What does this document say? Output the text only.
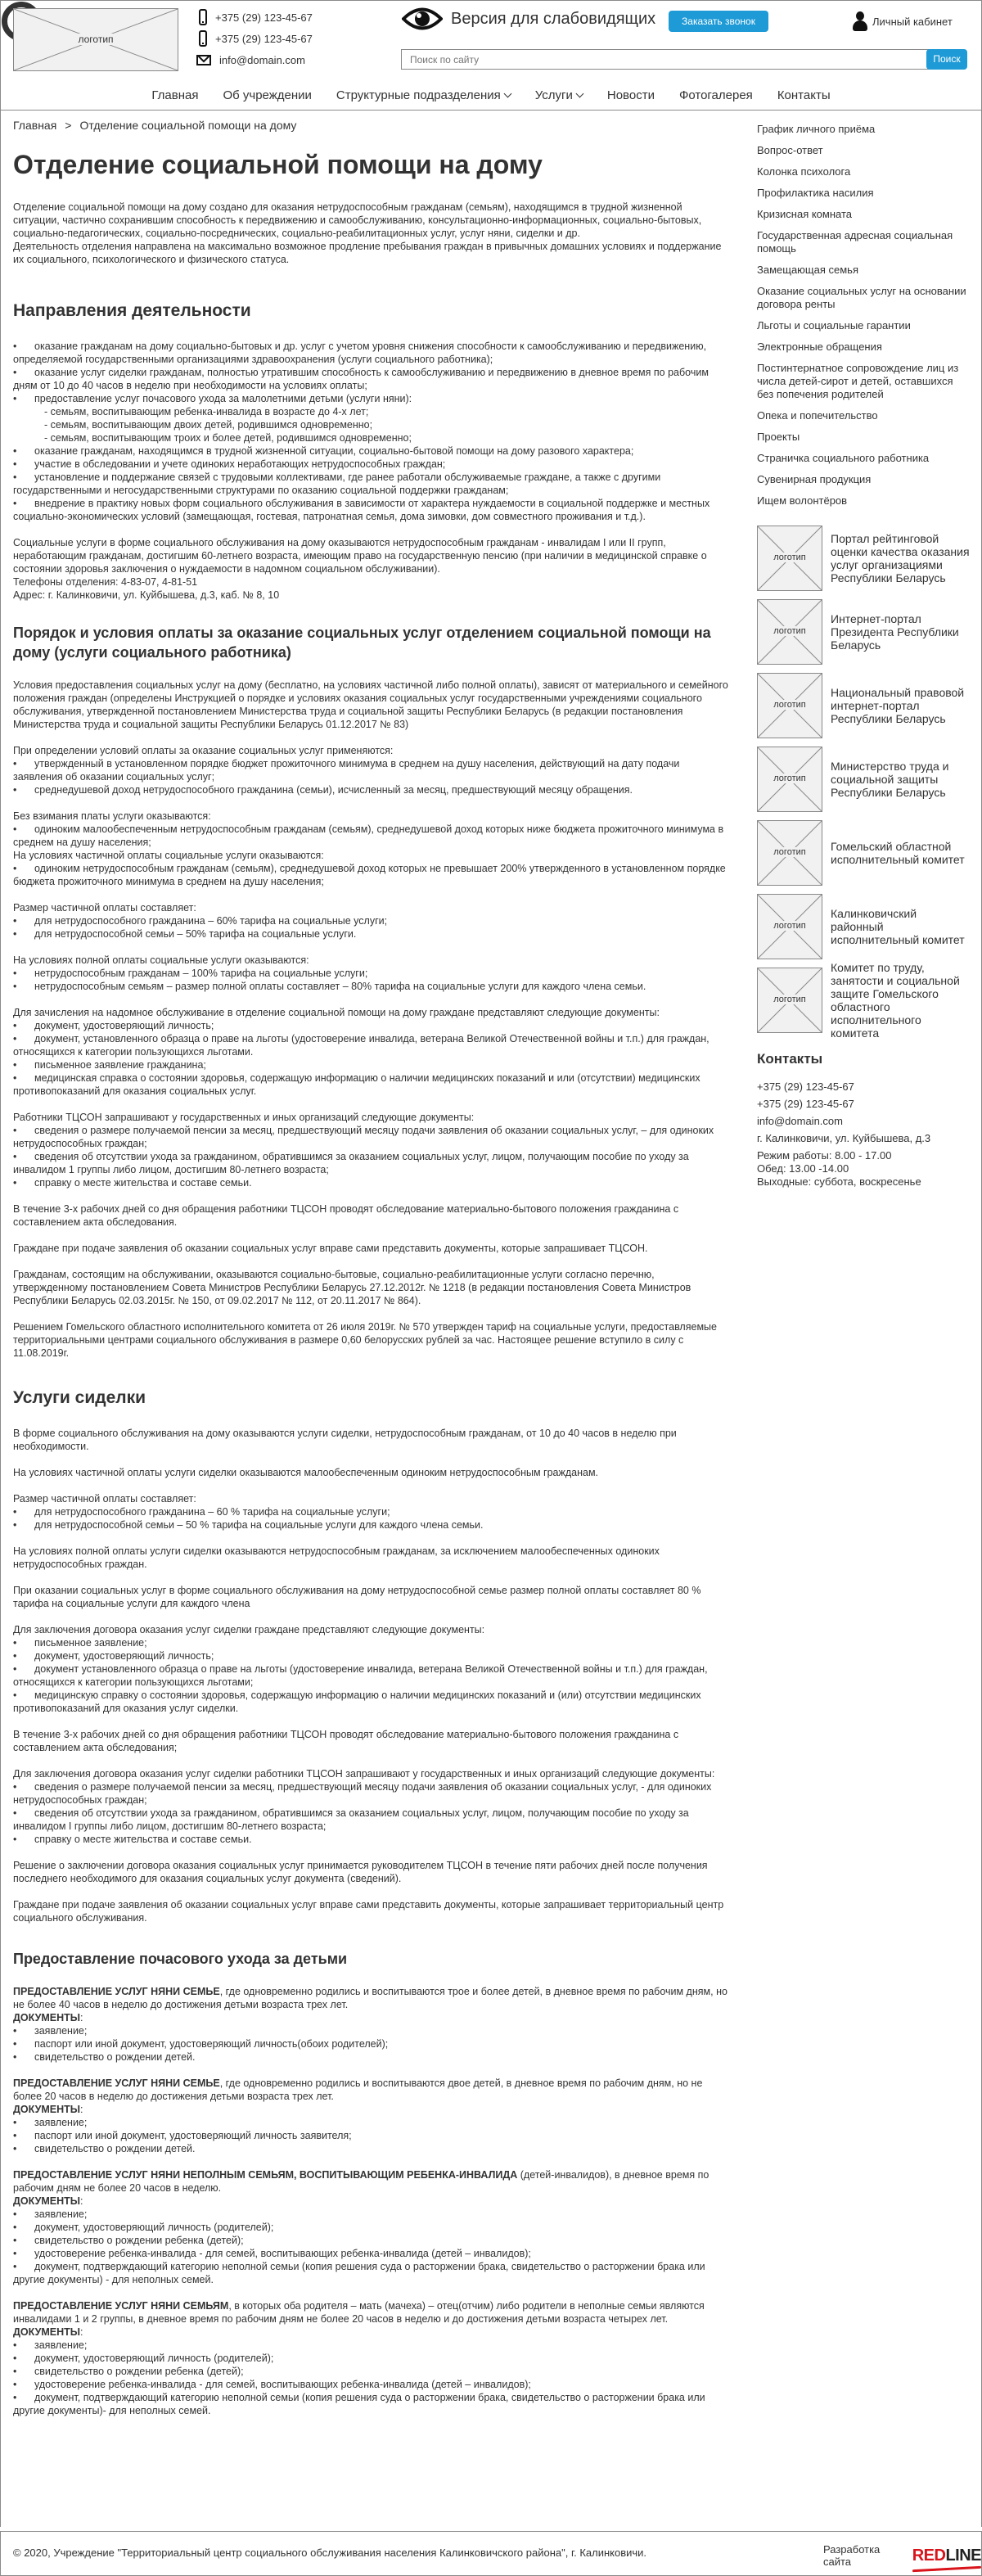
логотип
+375 (29) 123-45-67
+375 (29) 123-45-67
info@domain.com
Версия для слабовидящих	Заказать звонок	Личный кабинет
Поиск по сайту
Поиск
Главная Об учреждении Структурные подразделения	Услуги	Новости Фотогалерея Контакты
Главная > Отделение социальной помощи на дому
Отделение социальной помощи на дому
Отделение социальной помощи на дому создано для оказания нетрудоспособным гражданам (семьям), находящимся в трудной жизненной ситуации, частично сохранившим способность к передвижению и самообслуживанию, консультационно-информационных, социально-бытовых, социально-педагогических, социально-посреднических, социально-реабилитационных услуг, услуг няни, сиделки и др.
Деятельность отделения направлена на максимально возможное продление пребывания граждан в привычных домашних условиях и поддержание их социального, психологического и физического статуса.
Направления деятельности
• оказание гражданам на дому социально-бытовых и др. услуг с учетом уровня снижения способности к самообслуживанию и передвижению, определяемой государственными организациями здравоохранения (услуги социального работника);
• оказание услуг сиделки гражданам, полностью утратившим способность к самообслуживанию и передвижению в дневное время по рабочим дням от 10 до 40 часов в неделю при необходимости на условиях оплаты;
• предоставление услуг почасового ухода за малолетними детьми (услуги няни):
- семьям, воспитывающим ребенка-инвалида в возрасте до 4-х лет;
- семьям, воспитывающим двоих детей, родившимся одновременно;
- семьям, воспитывающим троих и более детей, родившимся одновременно;
• оказание гражданам, находящимся в трудной жизненной ситуации, социально-бытовой помощи на дому разового характера;
• участие в обследовании и учете одиноких неработающих нетрудоспособных граждан;
• установление и поддержание связей с трудовыми коллективами, где ранее работали обслуживаемые граждане, а также с другими государственными и негосударственными структурами по оказанию социальной поддержки гражданам;
• внедрение в практику новых форм социального обслуживания в зависимости от характера нуждаемости в социальной поддержке и местных социально-экономических условий (замещающая, гостевая, патронатная семья, дома зимовки, дом совместного проживания и т.д.).
Социальные услуги в форме социального обслуживания на дому оказываются нетрудоспособным гражданам - инвалидам I или II групп, неработающим гражданам, достигшим 60-летнего возраста, имеющим право на государственную пенсию (при наличии в медицинской справке о состоянии здоровья заключения о нуждаемости в надомном социальном обслуживании).
Телефоны отделения: 4-83-07, 4-81-51
Адрес: г. Калинковичи, ул. Куйбышева, д.3, каб. № 8, 10
Порядок и условия оплаты за оказание социальных услуг отделением социальной помощи на дому (услуги социального работника)

Условия предоставления социальных услуг на дому (бесплатно, на условиях частичной либо полной оплаты), зависят от материального и семейного положения граждан (определены Инструкцией о порядке и условиях оказания социальных услуг государственными учреждениями социального обслуживания, утвержденной постановлением Министерства труда и социальной защиты Республики Беларусь (в редакции постановления Министерства труда и социальной защиты Республики Беларусь 01.12.2017 № 83)

При определении условий оплаты за оказание социальных услуг применяются:
• утвержденный в установленном порядке бюджет прожиточного минимума в среднем на душу населения, действующий на дату подачи заявления об оказании социальных услуг;
• среднедушевой доход нетрудоспособного гражданина (семьи), исчисленный за месяц, предшествующий месяцу обращения.
Без взимания платы услуги оказываются:
• одиноким малообеспеченным нетрудоспособным гражданам (семьям), среднедушевой доход которых ниже бюджета прожиточного минимума в среднем на душу населения;
На условиях частичной оплаты социальные услуги оказываются:
• одиноким нетрудоспособным гражданам (семьям), среднедушевой доход которых не превышает 200% утвержденного в установленном порядке бюджета прожиточного минимума в среднем на душу населения;
Размер частичной оплаты составляет:
• для нетрудоспособного гражданина – 60% тарифа на социальные услуги;
• для нетрудоспособной семьи – 50% тарифа на социальные услуги.
На условиях полной оплаты социальные услуги оказываются:
• нетрудоспособным гражданам – 100% тарифа на социальные услуги;
• нетрудоспособным семьям – размер полной оплаты составляет – 80% тарифа на социальные услуги для каждого члена семьи.
Для зачисления на надомное обслуживание в отделение социальной помощи на дому граждане представляют следующие документы:
• документ, удостоверяющий личность;
• документ, установленного образца о праве на льготы (удостоверение инвалида, ветерана Великой Отечественной войны и т.п.) для граждан, относящихся к категории пользующихся льготами.
• письменное заявление гражданина;
• медицинская справка о состоянии здоровья, содержащую информацию о наличии медицинских показаний и или (отсутствии) медицинских противопоказаний для оказания социальных услуг.
Работники ТЦСОН запрашивают у государственных и иных организаций следующие документы:
• сведения о размере получаемой пенсии за месяц, предшествующий месяцу подачи заявления об оказании социальных услуг, – для одиноких нетрудоспособных граждан;
• сведения об отсутствии ухода за гражданином, обратившимся за оказанием социальных услуг, лицом, получающим пособие по уходу за инвалидом 1 группы либо лицом, достигшим 80-летнего возраста;
• справку о месте жительства и составе семьи.

В течение 3-х рабочих дней со дня обращения работники ТЦСОН проводят обследование материально-бытового положения гражданина с составлением акта обследования.

Граждане при подаче заявления об оказании социальных услуг вправе сами представить документы, которые запрашивает ТЦСОН.

Гражданам, состоящим на обслуживании, оказываются социально-бытовые, социально-реабилитационные услуги согласно перечню, утвержденному постановлением Совета Министров Республики Беларусь 27.12.2012г. № 1218 (в редакции постановления Совета Министров Республики Беларусь 02.03.2015г. № 150, от 09.02.2017 № 112, от 20.11.2017 № 864).

Решением Гомельского областного исполнительного комитета от 26 июля 2019г. № 570 утвержден тариф на социальные услуги, предоставляемые территориальными центрами социального обслуживания в размере 0,60 белорусских рублей за час. Настоящее решение вступило в силу с 11.08.2019г.

Услуги сиделки

В форме социального обслуживания на дому оказываются услуги сиделки, нетрудоспособным гражданам, от 10 до 40 часов в неделю при необходимости.

На условиях частичной оплаты услуги сиделки оказываются малообеспеченным одиноким нетрудоспособным гражданам.

Размер частичной оплаты составляет:
• для нетрудоспособного гражданина – 60 % тарифа на социальные услуги;
• для нетрудоспособной семьи – 50 % тарифа на социальные услуги для каждого члена семьи.

На условиях полной оплаты услуги сиделки оказываются нетрудоспособным гражданам, за исключением малообеспеченных одиноких нетрудоспособных граждан.

При оказании социальных услуг в форме социального обслуживания на дому нетрудоспособной семье размер полной оплаты составляет 80 % тарифа на социальные услуги для каждого члена

Для заключения договора оказания услуг сиделки граждане представляют следующие документы:
• письменное заявление;
• документ, удостоверяющий личность;
• документ установленного образца о праве на льготы (удостоверение инвалида, ветерана Великой Отечественной войны и т.п.) для граждан, относящихся к категории пользующихся льготами;
• медицинскую справку о состоянии здоровья, содержащую информацию о наличии медицинских показаний и (или) отсутствии медицинских противопоказаний для оказания услуг сиделки.

В течение 3-х рабочих дней со дня обращения работники ТЦСОН проводят обследование материально-бытового положения гражданина с составлением акта обследования;

Для заключения договора оказания услуг сиделки работники ТЦСОН запрашивают у государственных и иных организаций следующие документы:
• сведения о размере получаемой пенсии за месяц, предшествующий месяцу подачи заявления об оказании социальных услуг, - для одиноких нетрудоспособных граждан;
• сведения об отсутствии ухода за гражданином, обратившимся за оказанием социальных услуг, лицом, получающим пособие по уходу за инвалидом I группы либо лицом, достигшим 80-летнего возраста;
• справку о месте жительства и составе семьи.

Решение о заключении договора оказания социальных услуг принимается руководителем ТЦСОН в течение пяти рабочих дней после получения последнего необходимого для оказания социальных услуг документа (сведений).

Граждане при подаче заявления об оказании социальных услуг вправе сами представить документы, которые запрашивает территориальный центр социального обслуживания.

Предоставление почасового ухода за детьми
ПРЕДОСТАВЛЕНИЕ УСЛУГ НЯНИ СЕМЬЕ, где одновременно родились и воспитываются трое и более детей, в дневное время по рабочим дням, но не более 40 часов в неделю до достижения детьми возраста трех лет.
ДОКУМЕНТЫ:
• заявление;
• паспорт или иной документ, удостоверяющий личность(обоих родителей);
• свидетельство о рождении детей.
ПРЕДОСТАВЛЕНИЕ УСЛУГ НЯНИ СЕМЬЕ, где одновременно родились и воспитываются двое детей, в дневное время по рабочим дням, но не более 20 часов в неделю до достижения детьми возраста трех лет.
ДОКУМЕНТЫ:
• заявление;
• паспорт или иной документ, удостоверяющий личность заявителя;
• свидетельство о рождении детей.
ПРЕДОСТАВЛЕНИЕ УСЛУГ НЯНИ НЕПОЛНЫМ СЕМЬЯМ, ВОСПИТЫВАЮЩИМ РЕБЕНКА-ИНВАЛИДА (детей-инвалидов), в дневное время по рабочим дням не более 20 часов в неделю.
ДОКУМЕНТЫ:
• заявление;
• документ, удостоверяющий личность (родителей);
• свидетельство о рождении ребенка (детей);
• удостоверение ребенка-инвалида - для семей, воспитывающих ребенка-инвалида (детей – инвалидов);
• документ, подтверждающий категорию неполной семьи (копия решения суда о расторжении брака, свидетельство о расторжении брака или другие документы) - для неполных семей.
ПРЕДОСТАВЛЕНИЕ УСЛУГ НЯНИ СЕМЬЯМ, в которых оба родителя – мать (мачеха) – отец(отчим) либо родители в неполные семьи являются инвалидами 1 и 2 группы, в дневное время по рабочим дням не более 20 часов в неделю и до достижения детьми возраста четырех лет.
ДОКУМЕНТЫ:
• заявление;
• документ, удостоверяющий личность (родителей);
• свидетельство о рождении ребенка (детей);
• удостоверение ребенка-инвалида - для семей, воспитывающих ребенка-инвалида (детей – инвалидов);
• документ, подтверждающий категорию неполной семьи (копия решения суда о расторжении брака, свидетельство о расторжении брака или другие документы)- для неполных семей.
График личного приёма
Вопрос-ответ
Колонка психолога
Профилактика насилия
Кризисная комната
Государственная адресная социальная помощь
Замещающая семья
Оказание социальных услуг на основании договора ренты
Льготы и социальные гарантии
Электронные обращения
Постинтернатное сопровождение лиц из числа детей-сирот и детей, оставшихся без попечения родителей
Опека и попечительство
Проекты
Страничка социального работника
Сувенирная продукция
Ищем волонтёров
логотип
Портал рейтинговой оценки качества оказания услуг организациями Республики Беларусь
логотип
Интернет-портал Президента Республики Беларусь
логотип
Национальный правовой интернет-портал Республики Беларусь
логотип
Министерство труда и социальной защиты Республики Беларусь
логотип	Гомельский областной исполнительный комитет
логотип
Калинковичский районный исполнительный комитет
логотип
Комитет по труду, занятости и социальной защите Гомельского областного исполнительного комитета
Контакты
+375 (29) 123-45-67
+375 (29) 123-45-67
info@domain.com
г. Калинковичи, ул. Куйбышева, д.3
Режим работы: 8.00 - 17.00
Обед: 13.00 -14.00
Выходные: суббота, воскресенье
© 2020, Учреждение "Территориальный центр социального обслуживания населения Калинковичского района", г. Калинковичи.	Разработка сайта	REDLINE
